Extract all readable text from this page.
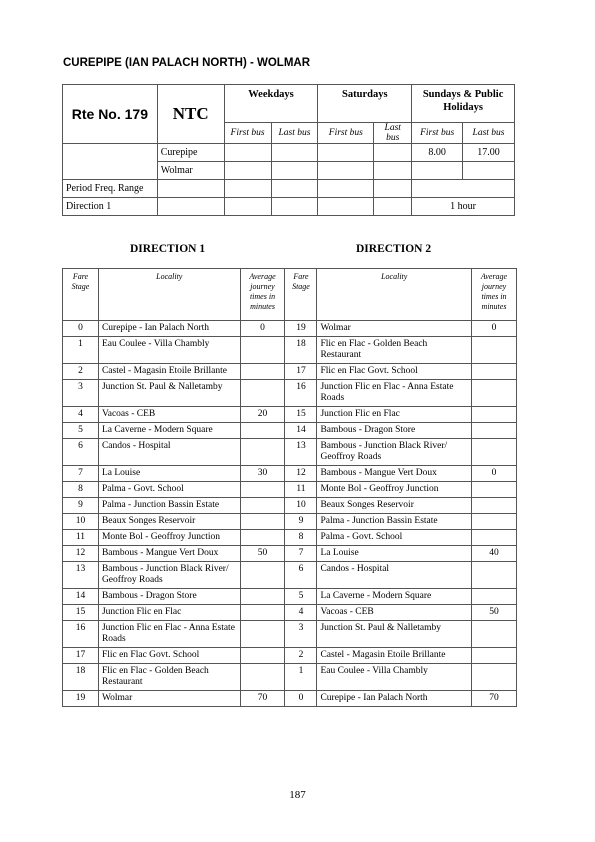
CUREPIPE (IAN PALACH NORTH) - WOLMAR
Rte No. 179	NTC	Weekdays		Saturdays		Sundays & Public Holidays	
		First bus	Last bus	First bus	Last bus	First bus	Last bus
	Curepipe					8.00	17.00
	Wolmar						
Period Freq. Range							
Direction 1						1 hour	
DIRECTION 1	DIRECTION 2
Fare Stage	Locality	Average journey times in minutes	Fare Stage	Locality	Average journey times in minutes
0	Curepipe - Ian Palach North	0	19	Wolmar	0
1	Eau Coulee - Villa Chambly		18	Flic en Flac - Golden Beach Restaurant	
2	Castel - Magasin Etoile Brillante		17	Flic en Flac Govt. School	
3	Junction St. Paul & Nalletamby		16	Junction Flic en Flac - Anna Estate Roads	
4	Vacoas - CEB	20	15	Junction Flic en Flac	
5	La Caverne - Modern Square		14	Bambous - Dragon Store	
6	Candos - Hospital		13	Bambous - Junction Black River/ Geoffroy Roads	
7	La Louise	30	12	Bambous - Mangue Vert Doux	0
8	Palma - Govt. School		11	Monte Bol - Geoffroy Junction	
9	Palma - Junction Bassin Estate		10	Beaux Songes Reservoir	
10	Beaux Songes Reservoir		9	Palma - Junction Bassin Estate	
11	Monte Bol - Geoffroy Junction		8	Palma - Govt. School	
12	Bambous - Mangue Vert Doux	50	7	La Louise	40
13	Bambous - Junction Black River/ Geoffroy Roads		6	Candos - Hospital	
14	Bambous - Dragon Store		5	La Caverne - Modern Square	
15	Junction Flic en Flac		4	Vacoas - CEB	50
16	Junction Flic en Flac - Anna Estate Roads		3	Junction St. Paul & Nalletamby	
17	Flic en Flac Govt. School		2	Castel - Magasin Etoile Brillante	
18	Flic en Flac - Golden Beach Restaurant		1	Eau Coulee - Villa Chambly	
19	Wolmar	70	0	Curepipe - Ian Palach North	70
187
